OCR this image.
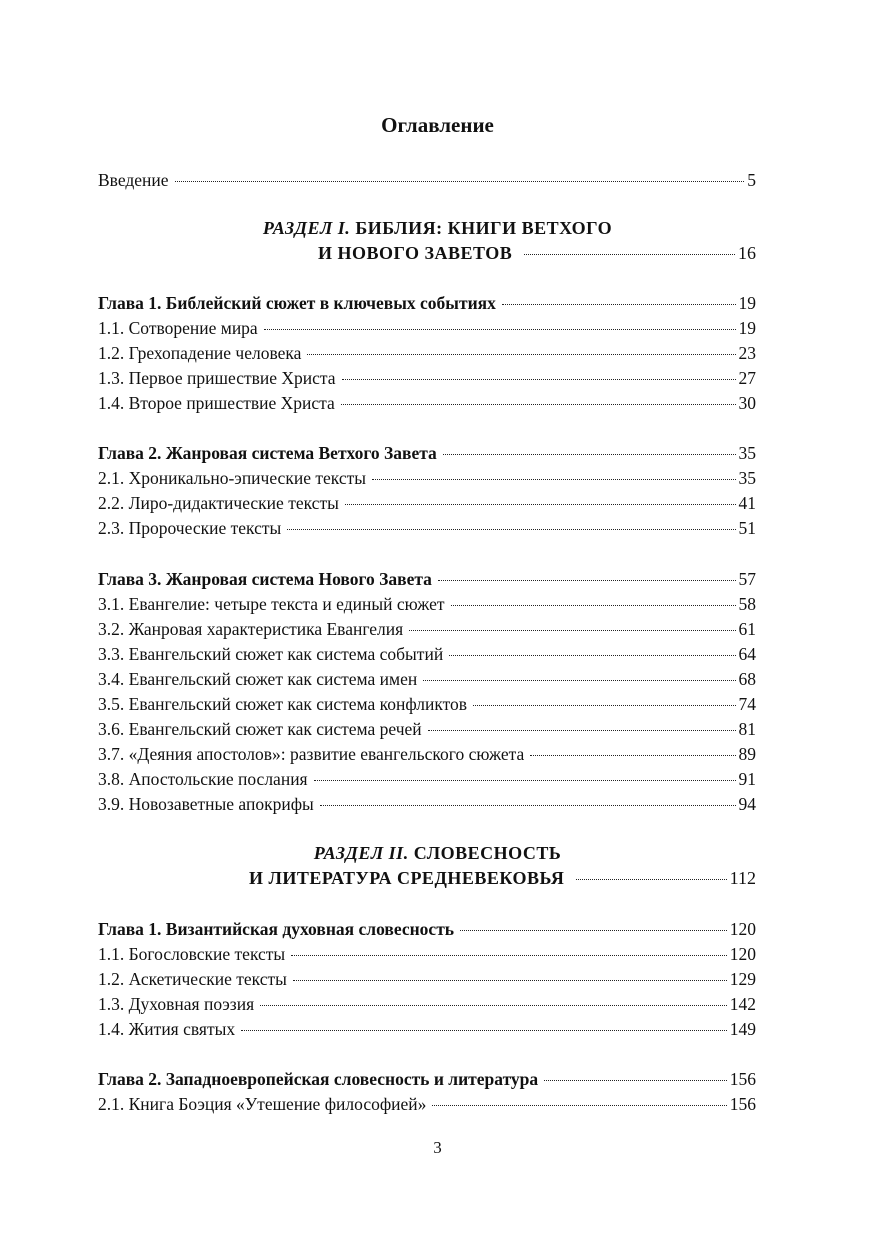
Оглавление
Введение	5
РАЗДЕЛ I. БИБЛИЯ: КНИГИ ВЕТХОГО
И НОВОГО ЗАВЕТОВ	16
Глава 1. Библейский сюжет в ключевых событиях	19
1.1. Сотворение мира	19
1.2. Грехопадение человека	23
1.3. Первое пришествие Христа	27
1.4. Второе пришествие Христа	30
Глава 2. Жанровая система Ветхого Завета	35
2.1. Хроникально-эпические тексты	35
2.2. Лиро-дидактические тексты	41
2.3. Пророческие тексты	51
Глава 3. Жанровая система Нового Завета	57
3.1. Евангелие: четыре текста и единый сюжет	58
3.2. Жанровая характеристика Евангелия	61
3.3. Евангельский сюжет как система событий	64
3.4. Евангельский сюжет как система имен	68
3.5. Евангельский сюжет как система конфликтов	74
3.6. Евангельский сюжет как система речей	81
3.7. «Деяния апостолов»: развитие евангельского сюжета	89
3.8. Апостольские послания	91
3.9. Новозаветные апокрифы	94
РАЗДЕЛ II. СЛОВЕСНОСТЬ
И ЛИТЕРАТУРА СРЕДНЕВЕКОВЬЯ	112
Глава 1. Византийская духовная словесность	120
1.1. Богословские тексты	120
1.2. Аскетические тексты	129
1.3. Духовная поэзия	142
1.4. Жития святых	149
Глава 2. Западноевропейская словесность и литература	156
2.1. Книга Боэция «Утешение философией»	156
3
